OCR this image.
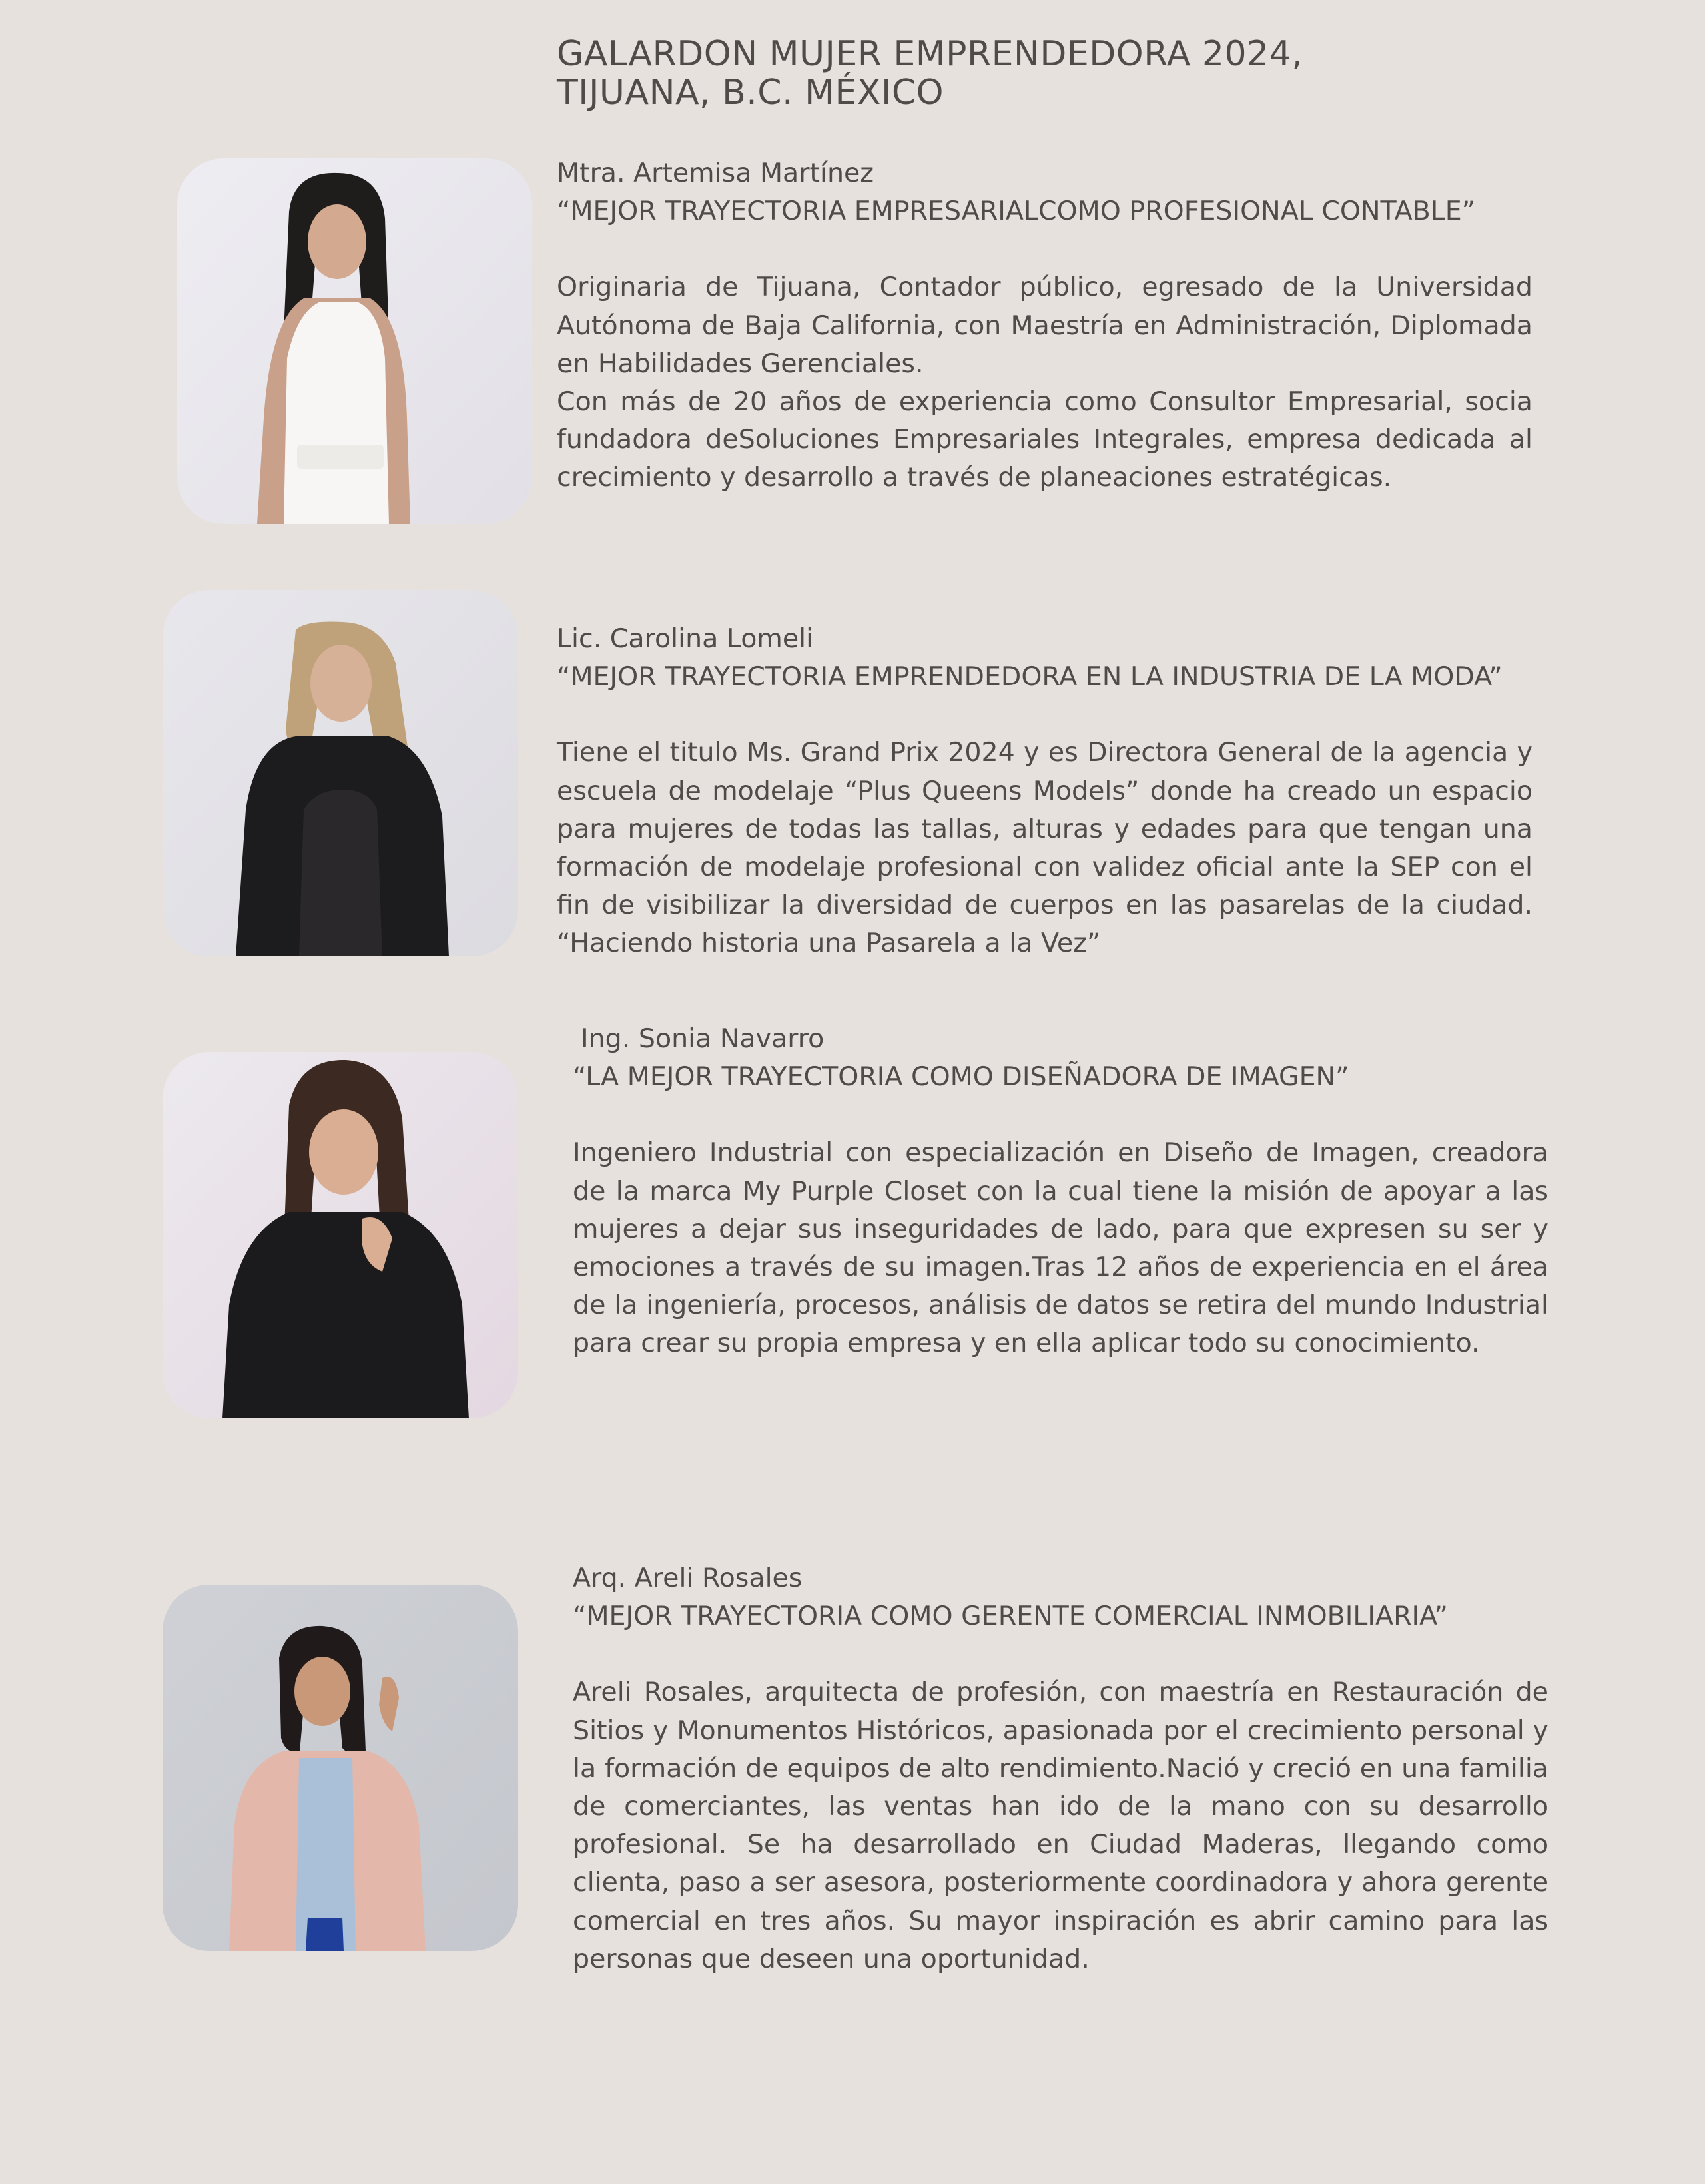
GALARDON MUJER EMPRENDEDORA 2024,
TIJUANA, B.C. MÉXICO
Mtra. Artemisa Martínez
“MEJOR TRAYECTORIA EMPRESARIALCOMO PROFESIONAL CONTABLE”

Originaria de Tijuana, Contador público, egresado de la Universidad Autónoma de Baja California, con Maestría en Administración, Diplomada en Habilidades Gerenciales.

Con más de 20 años de experiencia como Consultor Empresarial, socia fundadora deSoluciones Empresariales Integrales, empresa dedicada al crecimiento y desarrollo a través de planeaciones estratégicas.

Lic. Carolina Lomeli
“MEJOR TRAYECTORIA EMPRENDEDORA EN LA INDUSTRIA DE LA MODA”

Tiene el titulo Ms. Grand Prix 2024 y es Directora General de la agencia y escuela de modelaje “Plus Queens Models” donde ha creado un espacio para mujeres de todas las tallas, alturas y edades para que tengan una formación de modelaje profesional con validez oficial ante la SEP con el fin de visibilizar la diversidad de cuerpos en las pasarelas de la ciudad. “Haciendo historia una Pasarela a la Vez”

Ing. Sonia Navarro
“LA MEJOR TRAYECTORIA COMO DISEÑADORA DE IMAGEN”

Ingeniero Industrial con especialización en Diseño de Imagen, creadora de la marca My Purple Closet con la cual tiene la misión de apoyar a las mujeres a dejar sus inseguridades de lado, para que expresen su ser y emociones a través de su imagen.Tras 12 años de experiencia en el área de la ingeniería, procesos, análisis de datos se retira del mundo Industrial para crear su propia empresa y en ella aplicar todo su conocimiento.

Arq. Areli Rosales
“MEJOR TRAYECTORIA COMO GERENTE COMERCIAL INMOBILIARIA”

Areli Rosales, arquitecta de profesión, con maestría en Restauración de Sitios y Monumentos Históricos, apasionada por el crecimiento personal y la formación de equipos de alto rendimiento.Nació y creció en una familia de comerciantes, las ventas han ido de la mano con su desarrollo profesional. Se ha desarrollado en Ciudad Maderas, llegando como clienta, paso a ser asesora, posteriormente coordinadora y ahora gerente comercial en tres años. Su mayor inspiración es abrir camino para las personas que deseen una oportunidad.
